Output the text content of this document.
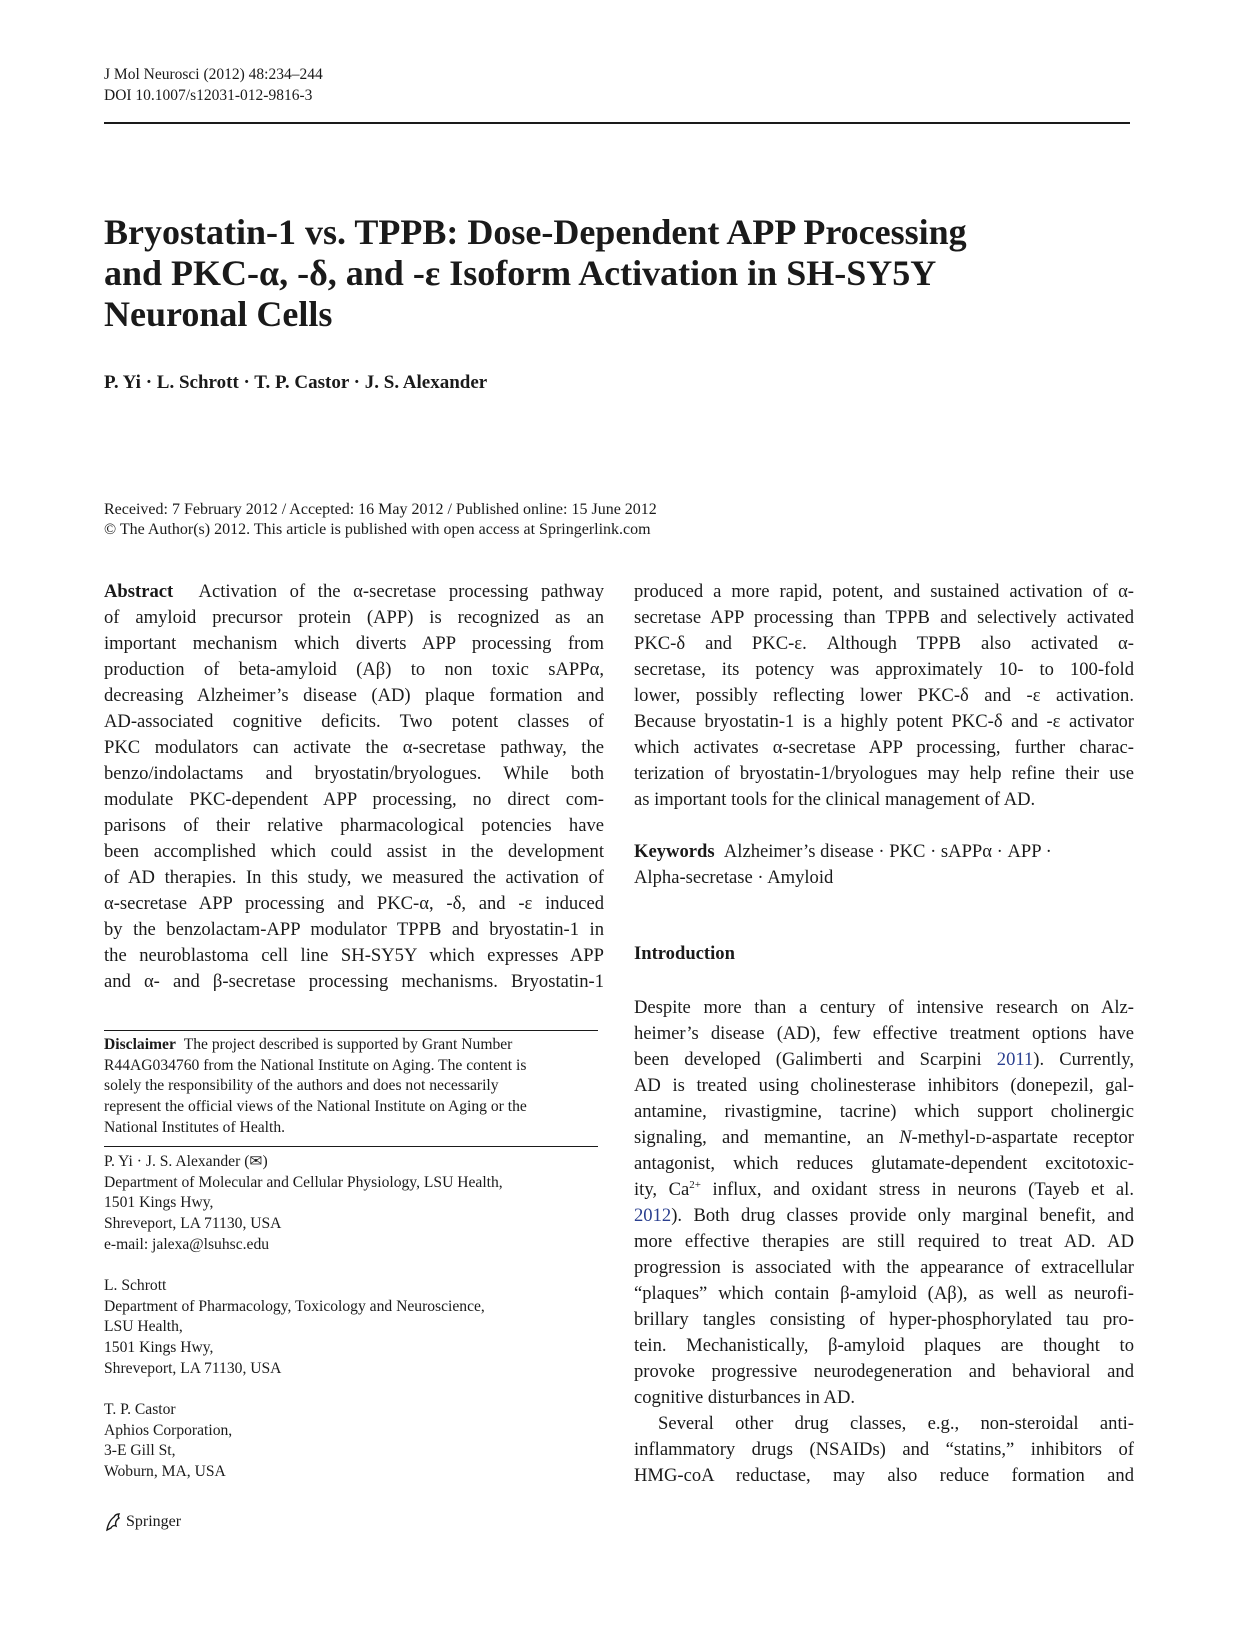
J Mol Neurosci (2012) 48:234–244
DOI 10.1007/s12031-012-9816-3
Bryostatin-1 vs. TPPB: Dose-Dependent APP Processing
and PKC-α, -δ, and -ε Isoform Activation in SH-SY5Y
Neuronal Cells
P. Yi · L. Schrott · T. P. Castor · J. S. Alexander
Received: 7 February 2012 / Accepted: 16 May 2012 / Published online: 15 June 2012
© The Author(s) 2012. This article is published with open access at Springerlink.com
Abstract Activation of the α-secretase processing pathway
of amyloid precursor protein (APP) is recognized as an
important mechanism which diverts APP processing from
production of beta-amyloid (Aβ) to non toxic sAPPα,
decreasing Alzheimer’s disease (AD) plaque formation and
AD-associated cognitive deficits. Two potent classes of
PKC modulators can activate the α-secretase pathway, the
benzo/indolactams and bryostatin/bryologues. While both
modulate PKC-dependent APP processing, no direct com-
parisons of their relative pharmacological potencies have
been accomplished which could assist in the development
of AD therapies. In this study, we measured the activation of
α-secretase APP processing and PKC-α, -δ, and -ε induced
by the benzolactam-APP modulator TPPB and bryostatin-1 in
the neuroblastoma cell line SH-SY5Y which expresses APP
and α- and β-secretase processing mechanisms. Bryostatin-1
produced a more rapid, potent, and sustained activation of α-
secretase APP processing than TPPB and selectively activated
PKC-δ and PKC-ε. Although TPPB also activated α-
secretase, its potency was approximately 10- to 100-fold
lower, possibly reflecting lower PKC-δ and -ε activation.
Because bryostatin-1 is a highly potent PKC-δ and -ε activator
which activates α-secretase APP processing, further charac-
terization of bryostatin-1/bryologues may help refine their use
as important tools for the clinical management of AD.
Keywords Alzheimer’s disease · PKC · sAPPα · APP ·
Alpha-secretase · Amyloid
Introduction
Despite more than a century of intensive research on Alz-
heimer’s disease (AD), few effective treatment options have
been developed (Galimberti and Scarpini 2011). Currently,
AD is treated using cholinesterase inhibitors (donepezil, gal-
antamine, rivastigmine, tacrine) which support cholinergic
signaling, and memantine, an N-methyl-D-aspartate receptor
antagonist, which reduces glutamate-dependent excitotoxic-
ity, $Ca^{2+}$ influx, and oxidant stress in neurons (Tayeb et al.
2012). Both drug classes provide only marginal benefit, and
more effective therapies are still required to treat AD. AD
progression is associated with the appearance of extracellular
“plaques” which contain β-amyloid (Aβ), as well as neurofi-
brillary tangles consisting of hyper-phosphorylated tau pro-
tein. Mechanistically, β-amyloid plaques are thought to
provoke progressive neurodegeneration and behavioral and
cognitive disturbances in AD.
Several other drug classes, e.g., non-steroidal anti-
inflammatory drugs (NSAIDs) and “statins,” inhibitors of
HMG-coA reductase, may also reduce formation and
Disclaimer The project described is supported by Grant Number
R44AG034760 from the National Institute on Aging. The content is
solely the responsibility of the authors and does not necessarily
represent the official views of the National Institute on Aging or the
National Institutes of Health.
P. Yi · J. S. Alexander (✉)
Department of Molecular and Cellular Physiology, LSU Health,
1501 Kings Hwy,
Shreveport, LA 71130, USA
e-mail: jalexa@lsuhsc.edu
L. Schrott
Department of Pharmacology, Toxicology and Neuroscience,
LSU Health,
1501 Kings Hwy,
Shreveport, LA 71130, USA
T. P. Castor
Aphios Corporation,
3-E Gill St,
Woburn, MA, USA
Springer
